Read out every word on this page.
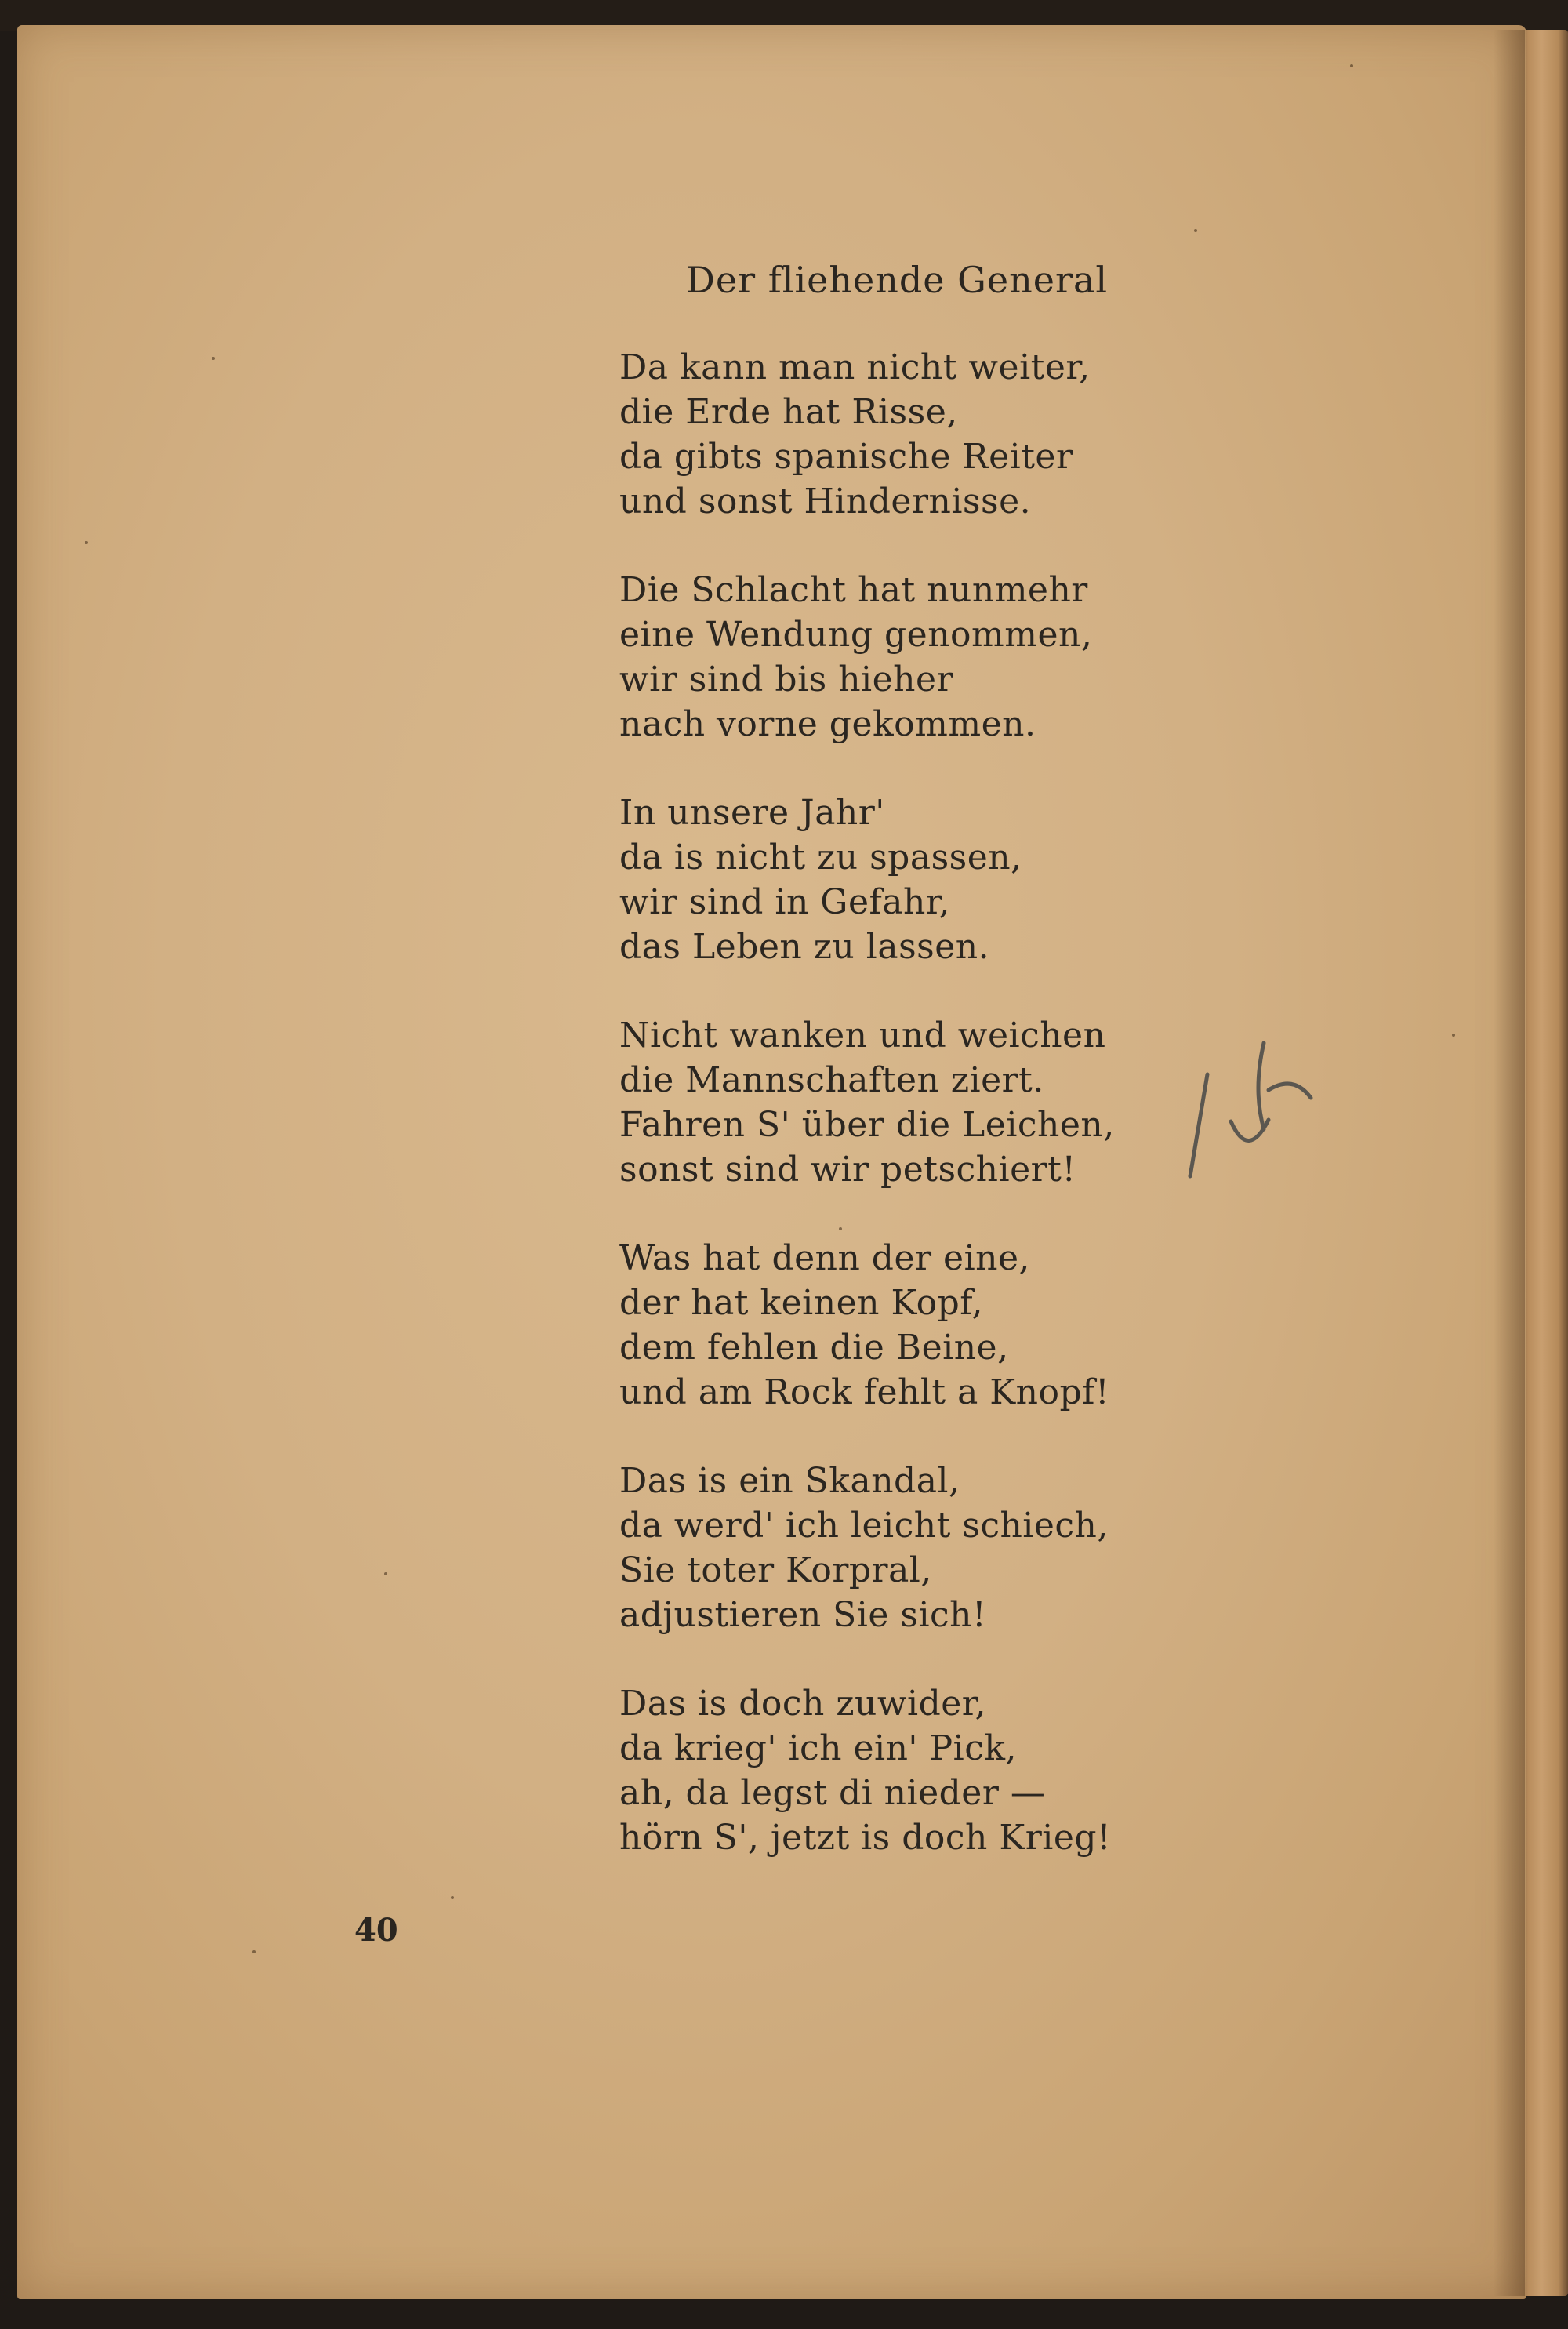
Der fliehende General
Da kann man nicht weiter,
die Erde hat Risse,
da gibts spanische Reiter
und sonst Hindernisse.
Die Schlacht hat nunmehr
eine Wendung genommen,
wir sind bis hieher
nach vorne gekommen.
In unsere Jahr'
da is nicht zu spassen,
wir sind in Gefahr,
das Leben zu lassen.
Nicht wanken und weichen
die Mannschaften ziert.
Fahren S' über die Leichen,
sonst sind wir petschiert!
Was hat denn der eine,
der hat keinen Kopf,
dem fehlen die Beine,
und am Rock fehlt a Knopf!
Das is ein Skandal,
da werd' ich leicht schiech,
Sie toter Korpral,
adjustieren Sie sich!
Das is doch zuwider,
da krieg' ich ein' Pick,
ah, da legst di nieder —
hörn S', jetzt is doch Krieg!
40
